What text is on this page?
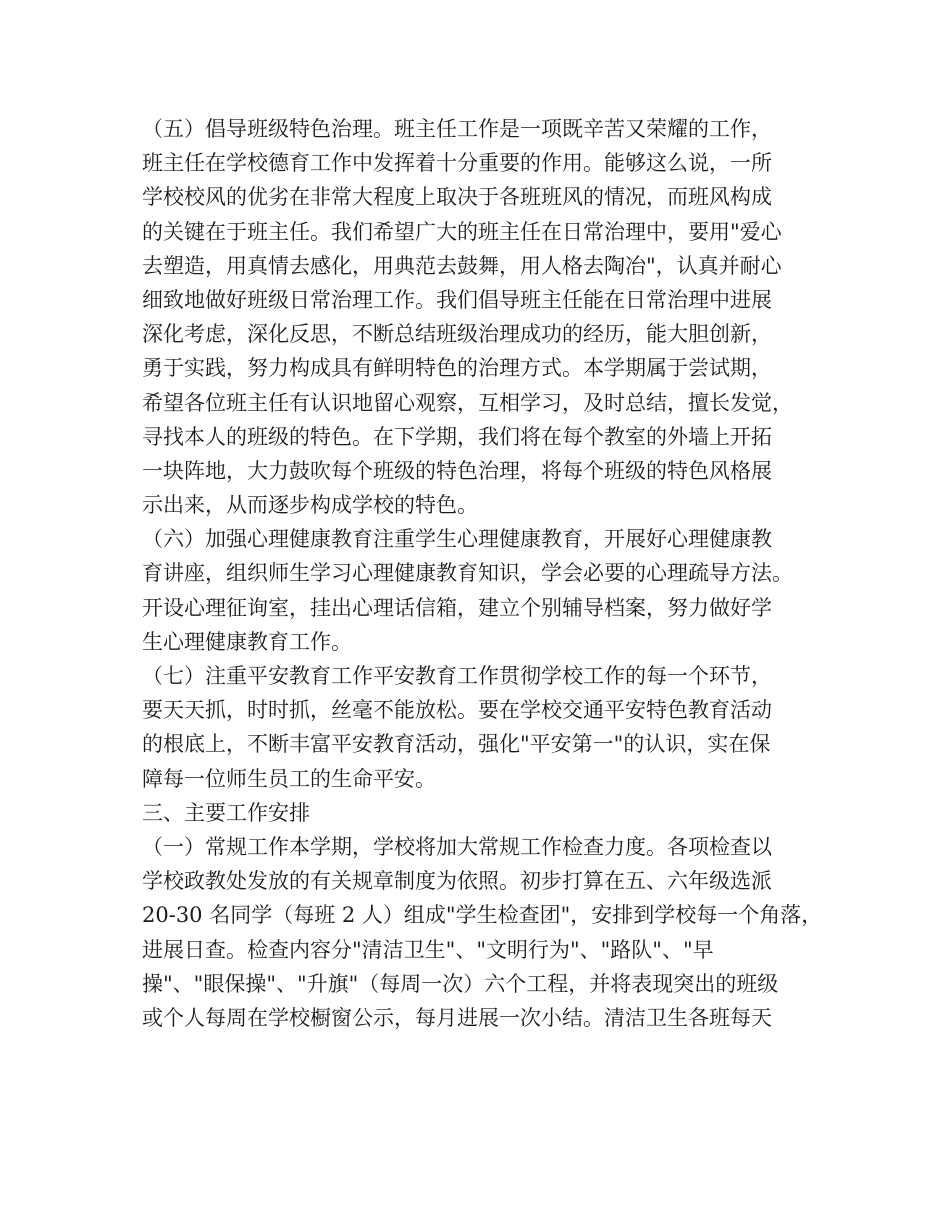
（五）倡导班级特色治理。班主任工作是一项既辛苦又荣耀的工作，
班主任在学校德育工作中发挥着十分重要的作用。能够这么说，一所
学校校风的优劣在非常大程度上取决于各班班风的情况，而班风构成
的关键在于班主任。我们希望广大的班主任在日常治理中，要用"爱心
去塑造，用真情去感化，用典范去鼓舞，用人格去陶冶"，认真并耐心
细致地做好班级日常治理工作。我们倡导班主任能在日常治理中进展
深化考虑，深化反思，不断总结班级治理成功的经历，能大胆创新，
勇于实践，努力构成具有鲜明特色的治理方式。本学期属于尝试期，
希望各位班主任有认识地留心观察，互相学习，及时总结，擅长发觉，
寻找本人的班级的特色。在下学期，我们将在每个教室的外墙上开拓
一块阵地，大力鼓吹每个班级的特色治理，将每个班级的特色风格展
示出来，从而逐步构成学校的特色。
（六）加强心理健康教育注重学生心理健康教育，开展好心理健康教
育讲座，组织师生学习心理健康教育知识，学会必要的心理疏导方法。
开设心理征询室，挂出心理话信箱，建立个别辅导档案，努力做好学
生心理健康教育工作。
（七）注重平安教育工作平安教育工作贯彻学校工作的每一个环节，
要天天抓，时时抓，丝毫不能放松。要在学校交通平安特色教育活动
的根底上，不断丰富平安教育活动，强化"平安第一"的认识，实在保
障每一位师生员工的生命平安。
三、主要工作安排
（一）常规工作本学期，学校将加大常规工作检查力度。各项检查以
学校政教处发放的有关规章制度为依照。初步打算在五、六年级选派
20-30 名同学（每班 2 人）组成"学生检查团"，安排到学校每一个角落，
进展日查。检查内容分"清洁卫生"、"文明行为"、"路队"、"早
操"、"眼保操"、"升旗"（每周一次）六个工程，并将表现突出的班级
或个人每周在学校橱窗公示，每月进展一次小结。清洁卫生各班每天
